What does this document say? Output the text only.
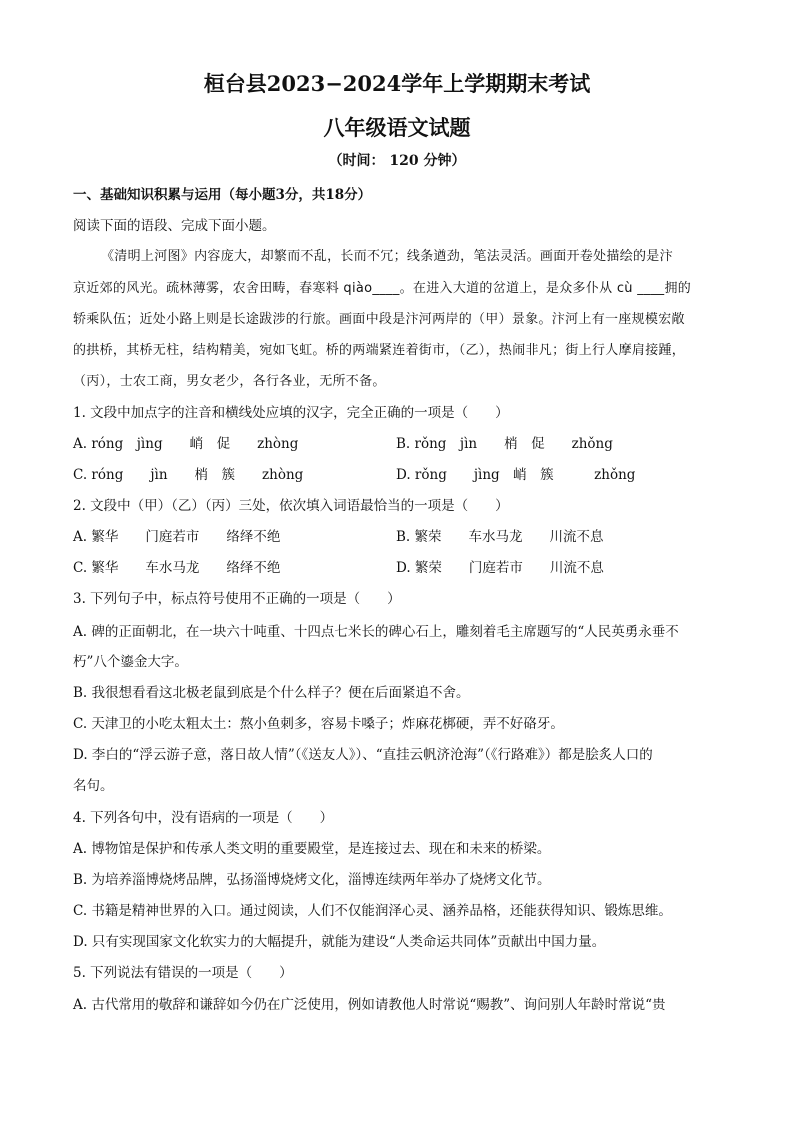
桓台县2023−2024学年上学期期末考试
八年级语文试题
（时间： 120 分钟）
一、基础知识积累与运用（每小题3分，共18分）
阅读下面的语段、完成下面小题。
《清明上河图》内容庞大，却繁而不乱，长而不冗；线条遒劲，笔法灵活。画面开卷处描绘的是汴
京近郊的风光。疏林薄雾，农舍田畴，春寒料 qiào____。在进入大道的岔道上，是众多仆从 cù ____拥的
轿乘队伍；近处小路上则是长途跋涉的行旅。画面中段是汴河两岸的（甲）景象。汴河上有一座规模宏敞
的拱桥，其桥无柱，结构精美，宛如飞虹。桥的两端紧连着街市，（乙），热闹非凡；街上行人摩肩接踵，
（丙），士农工商，男女老少，各行各业，无所不备。
1. 文段中加点字的注音和横线处应填的汉字，完全正确的一项是（　　）
A. róng　jìng　　峭　促　　zhòng	B. rǒng　jìn　　梢　促　　zhǒng
C. róng　　jìn　　梢　簇　　zhòng	D. rǒng　　jìng　峭　簇　　　zhǒng
2. 文段中（甲）（乙）（丙）三处，依次填入词语最恰当的一项是（　　）
A. 繁华　　门庭若市　　络绎不绝	B. 繁荣　　车水马龙　　川流不息
C. 繁华　　车水马龙　　络绎不绝	D. 繁荣　　门庭若市　　川流不息
3. 下列句子中，标点符号使用不正确的一项是（　　）
A. 碑的正面朝北，在一块六十吨重、十四点七米长的碑心石上，雕刻着毛主席题写的“人民英勇永垂不
朽”八个鎏金大字。
B. 我很想看看这北极老鼠到底是个什么样子？便在后面紧追不舍。
C. 天津卫的小吃太粗太土：熬小鱼刺多，容易卡嗓子；炸麻花梆硬，弄不好硌牙。
D. 李白的“浮云游子意，落日故人情”（《送友人》）、“直挂云帆济沧海”（《行路难》）都是脍炙人口的
名句。
4. 下列各句中，没有语病的一项是（　　）
A. 博物馆是保护和传承人类文明的重要殿堂，是连接过去、现在和未来的桥梁。
B. 为培养淄博烧烤品牌，弘扬淄博烧烤文化，淄博连续两年举办了烧烤文化节。
C. 书籍是精神世界的入口。通过阅读，人们不仅能润泽心灵、涵养品格，还能获得知识、锻炼思维。
D. 只有实现国家文化软实力的大幅提升，就能为建设“人类命运共同体”贡献出中国力量。
5. 下列说法有错误的一项是（　　）
A. 古代常用的敬辞和谦辞如今仍在广泛使用，例如请教他人时常说“赐教”、询问别人年龄时常说“贵
